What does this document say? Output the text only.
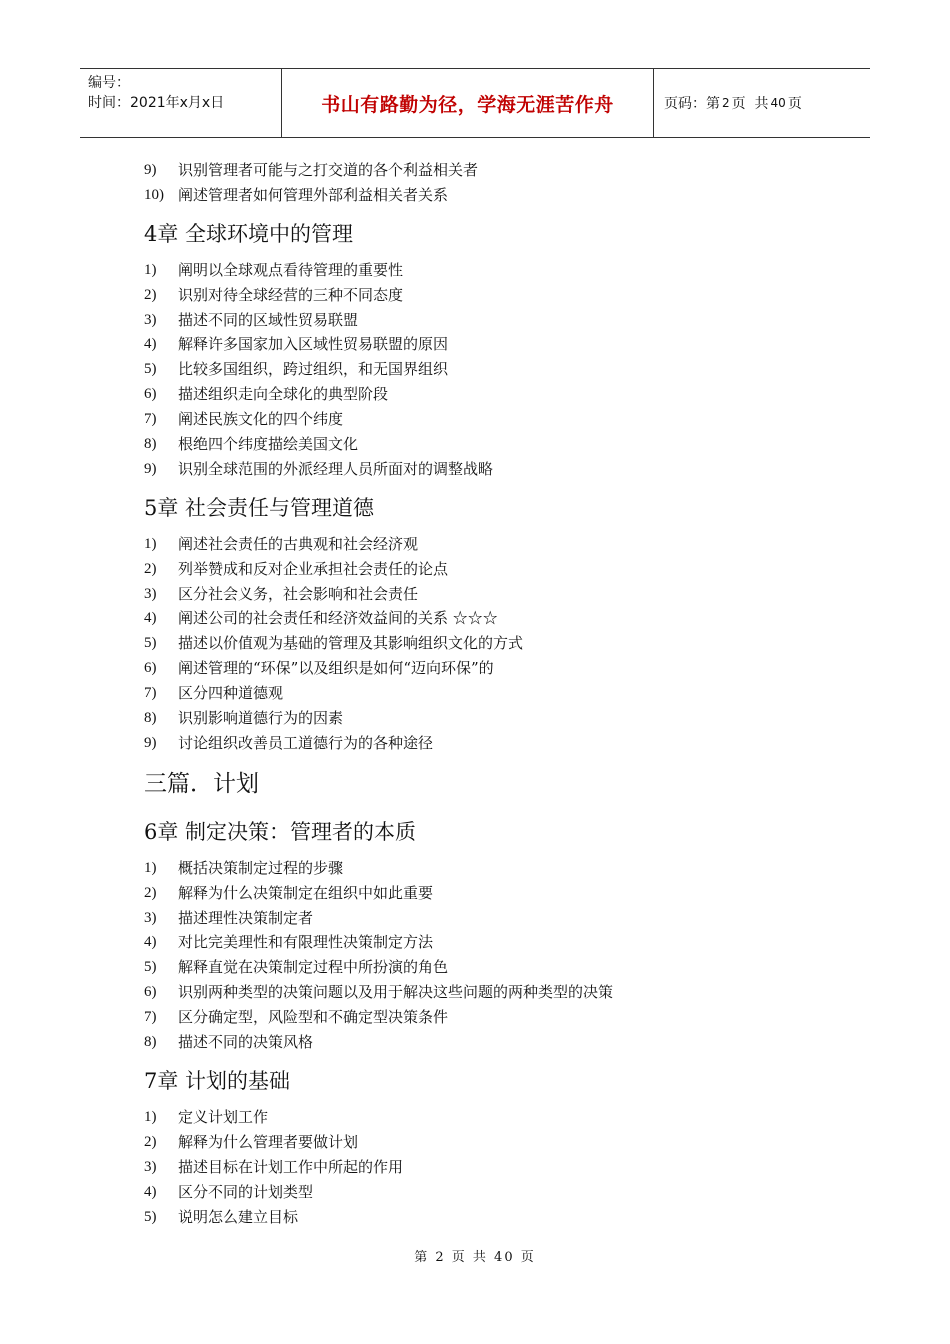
编号：
时间：2021年x月x日	书山有路勤为径，学海无涯苦作舟	页码：第 2 页  共 40 页
9)	识别管理者可能与之打交道的各个利益相关者
10) 阐述管理者如何管理外部利益相关者关系
4章 全球环境中的管理
1)	阐明以全球观点看待管理的重要性
2)	识别对待全球经营的三种不同态度
3)	描述不同的区域性贸易联盟
4)	解释许多国家加入区域性贸易联盟的原因
5)	比较多国组织，跨过组织，和无国界组织
6)	描述组织走向全球化的典型阶段
7)	阐述民族文化的四个纬度
8)	根绝四个纬度描绘美国文化
9)	识别全球范围的外派经理人员所面对的调整战略
5章 社会责任与管理道德
1)	阐述社会责任的古典观和社会经济观
2)	列举赞成和反对企业承担社会责任的论点
3)	区分社会义务，社会影响和社会责任
4)	阐述公司的社会责任和经济效益间的关系 ☆☆☆
5)	描述以价值观为基础的管理及其影响组织文化的方式
6)	阐述管理的“环保”以及组织是如何“迈向环保”的
7)	区分四种道德观
8)	识别影响道德行为的因素
9)	讨论组织改善员工道德行为的各种途径
三篇．计划
6章 制定决策：管理者的本质
1)	概括决策制定过程的步骤
2)	解释为什么决策制定在组织中如此重要
3)	描述理性决策制定者
4)	对比完美理性和有限理性决策制定方法
5)	解释直觉在决策制定过程中所扮演的角色
6)	识别两种类型的决策问题以及用于解决这些问题的两种类型的决策
7)	区分确定型，风险型和不确定型决策条件
8)	描述不同的决策风格
7章 计划的基础
1)	定义计划工作
2)	解释为什么管理者要做计划
3)	描述目标在计划工作中所起的作用
4)	区分不同的计划类型
5)	说明怎么建立目标
第 2 页 共 40 页
